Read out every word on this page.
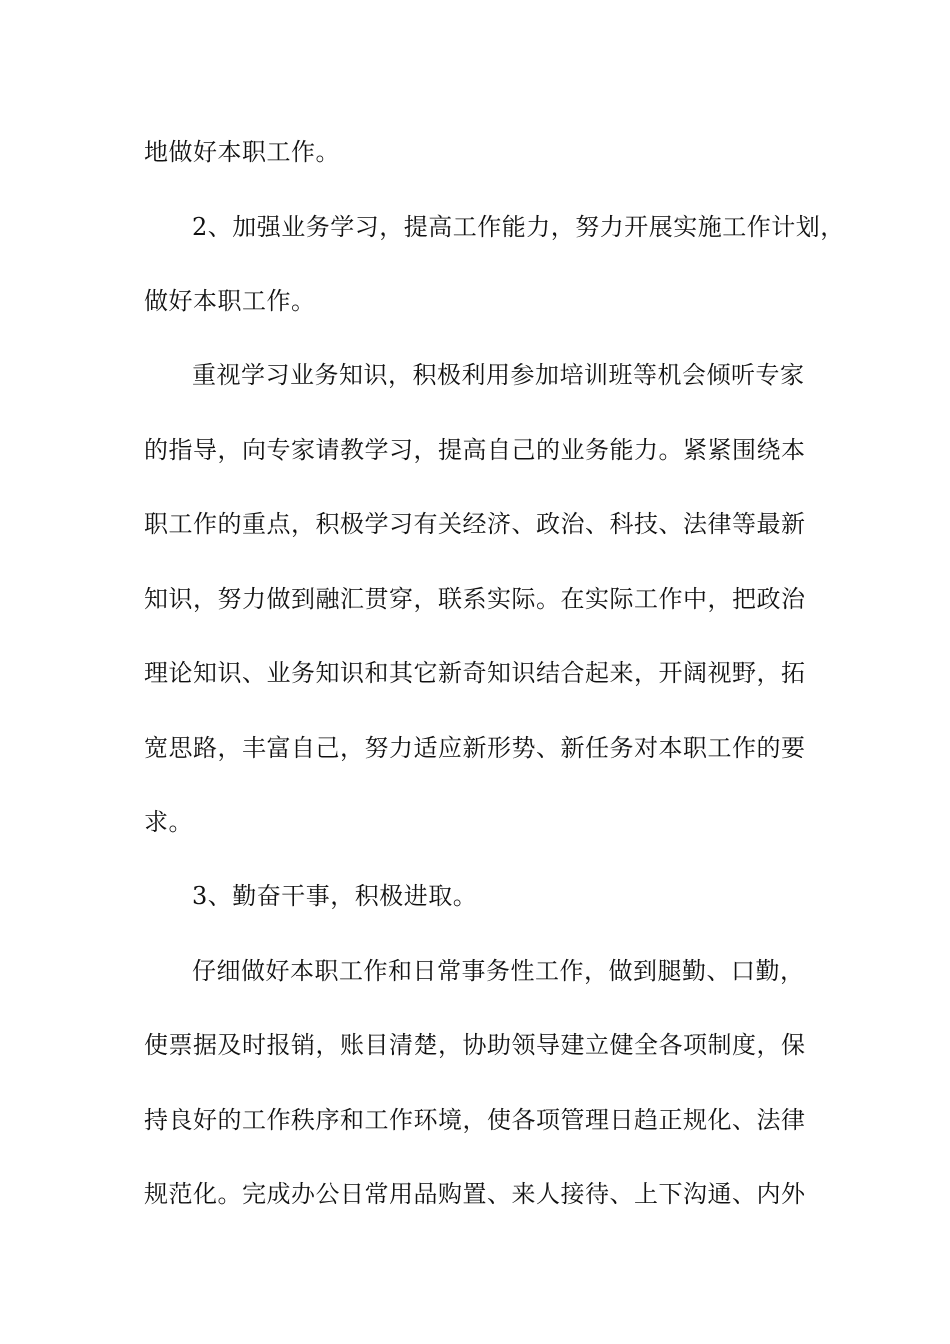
地做好本职工作。
2、加强业务学习，提高工作能力，努力开展实施工作计划，
做好本职工作。
重视学习业务知识，积极利用参加培训班等机会倾听专家
的指导，向专家请教学习，提高自己的业务能力。紧紧围绕本
职工作的重点，积极学习有关经济、政治、科技、法律等最新
知识，努力做到融汇贯穿，联系实际。在实际工作中，把政治
理论知识、业务知识和其它新奇知识结合起来，开阔视野，拓
宽思路，丰富自己，努力适应新形势、新任务对本职工作的要
求。
3、勤奋干事，积极进取。
仔细做好本职工作和日常事务性工作，做到腿勤、口勤，
使票据及时报销，账目清楚，协助领导建立健全各项制度，保
持良好的工作秩序和工作环境，使各项管理日趋正规化、法律
规范化。完成办公日常用品购置、来人接待、上下沟通、内外
